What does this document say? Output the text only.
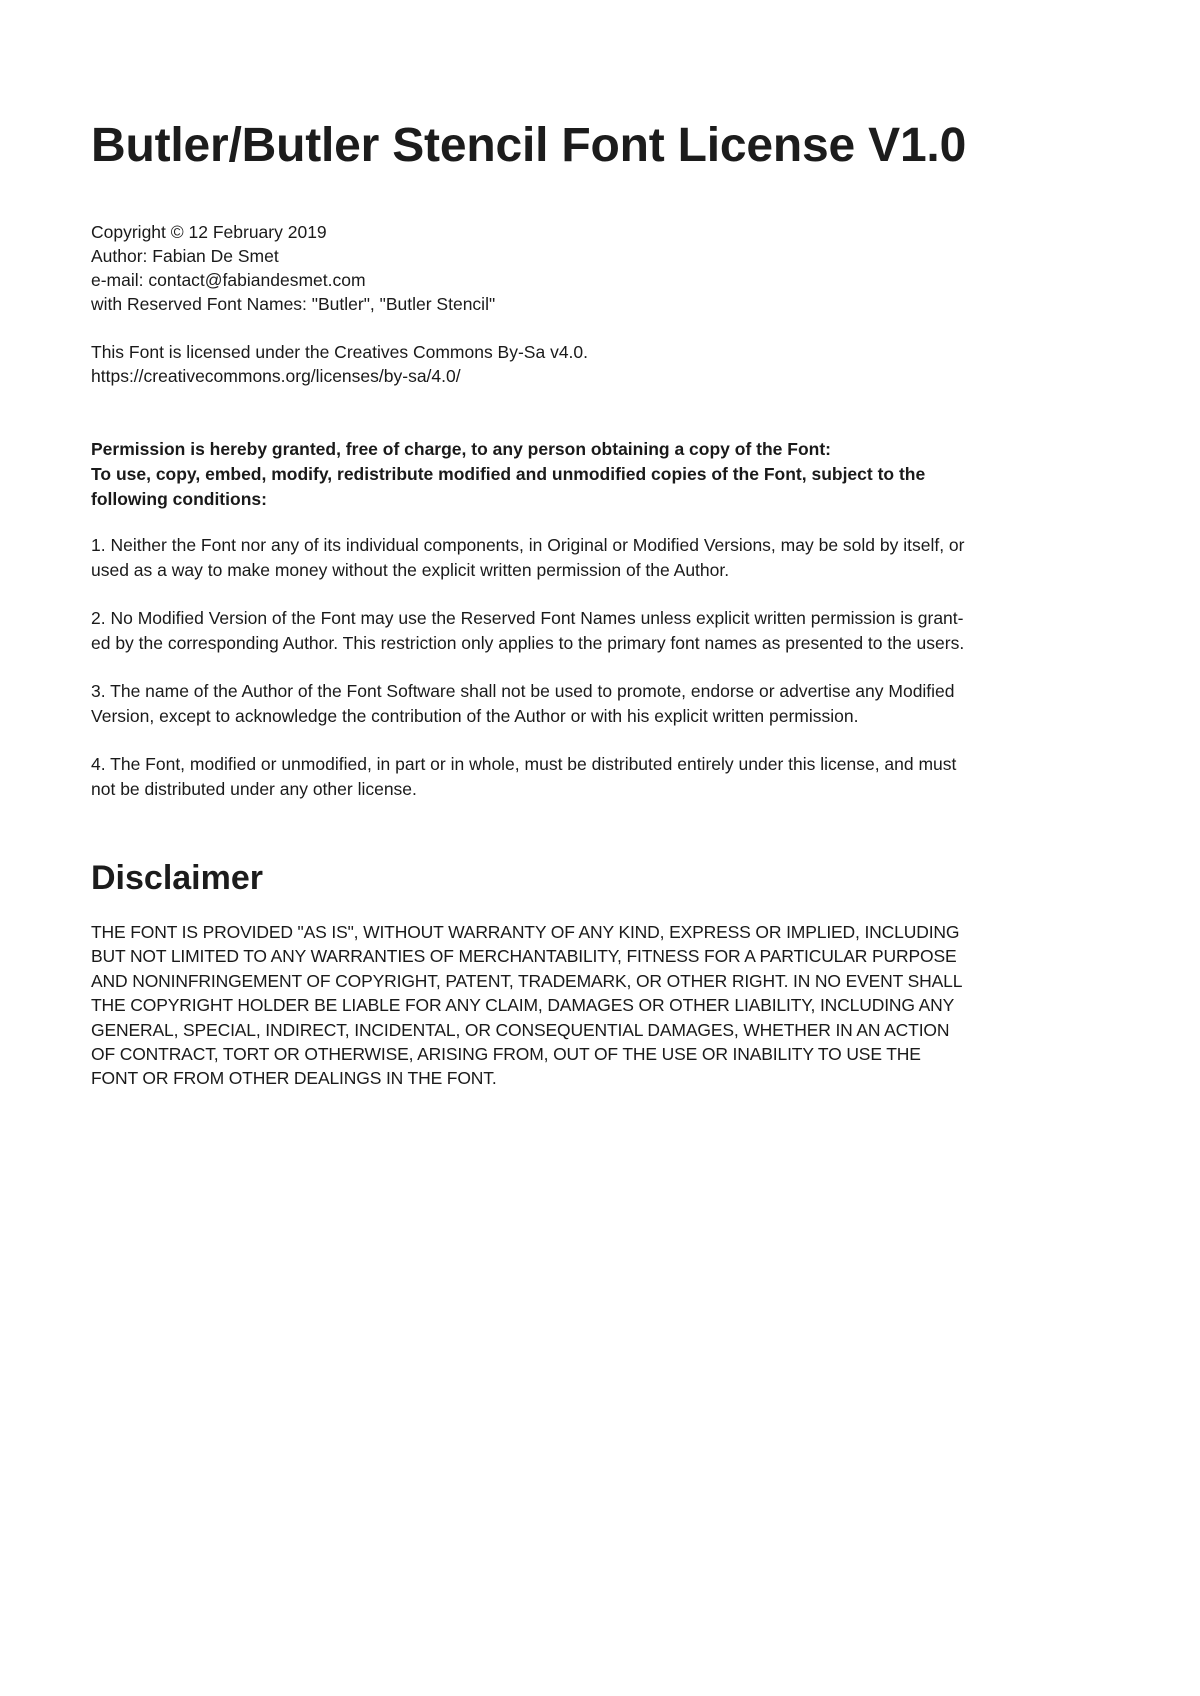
Butler/Butler Stencil Font License V1.0
Copyright © 12 February 2019
Author: Fabian De Smet
e-mail: contact@fabiandesmet.com
with Reserved Font Names: "Butler", "Butler Stencil"
This Font is licensed under the Creatives Commons By-Sa v4.0.
https://creativecommons.org/licenses/by-sa/4.0/
Permission is hereby granted, free of charge, to any person obtaining a copy of the Font:
To use, copy, embed, modify, redistribute modified and unmodified copies of the Font, subject to the
following conditions:
1. Neither the Font nor any of its individual components, in Original or Modified Versions, may be sold by itself, or
used as a way to make money without the explicit written permission of the Author.
2. No Modified Version of the Font may use the Reserved Font Names unless explicit written permission is grant-
ed by the corresponding Author. This restriction only applies to the primary font names as presented to the users.
3. The name of the Author of the Font Software shall not be used to promote, endorse or advertise any Modified
Version, except to acknowledge the contribution of the Author or with his explicit written permission.
4. The Font, modified or unmodified, in part or in whole, must be distributed entirely under this license, and must
not be distributed under any other license.
Disclaimer
THE FONT IS PROVIDED "AS IS", WITHOUT WARRANTY OF ANY KIND, EXPRESS OR IMPLIED, INCLUDING
BUT NOT LIMITED TO ANY WARRANTIES OF MERCHANTABILITY, FITNESS FOR A PARTICULAR PURPOSE
AND NONINFRINGEMENT OF COPYRIGHT, PATENT, TRADEMARK, OR OTHER RIGHT. IN NO EVENT SHALL
THE COPYRIGHT HOLDER BE LIABLE FOR ANY CLAIM, DAMAGES OR OTHER LIABILITY, INCLUDING ANY
GENERAL, SPECIAL, INDIRECT, INCIDENTAL, OR CONSEQUENTIAL DAMAGES, WHETHER IN AN ACTION
OF CONTRACT, TORT OR OTHERWISE, ARISING FROM, OUT OF THE USE OR INABILITY TO USE THE
FONT OR FROM OTHER DEALINGS IN THE FONT.
